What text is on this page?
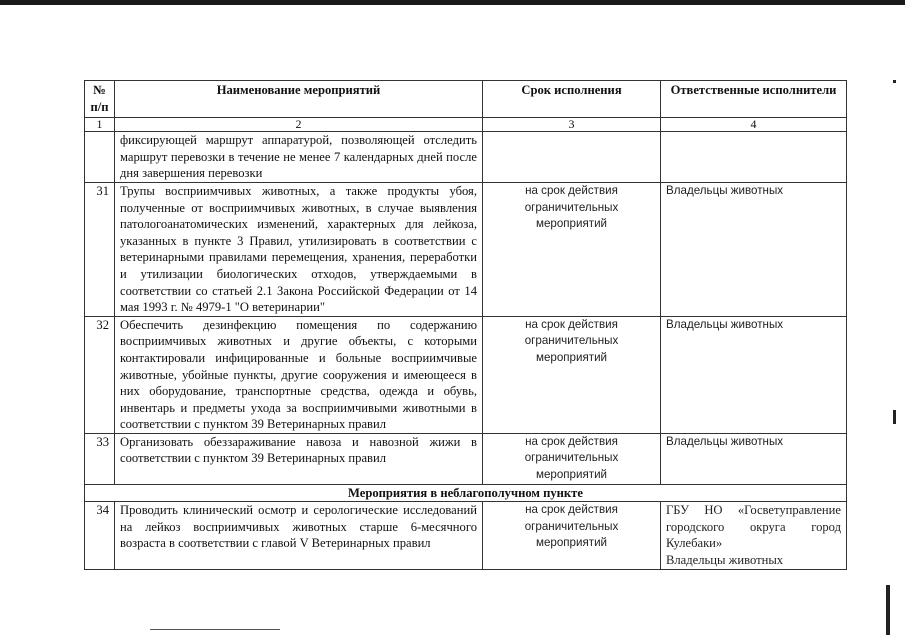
№ п/п	Наименование мероприятий	Срок исполнения	Ответственные исполнители
1	2	3	4
	фиксирующей маршрут аппаратурой, позволяющей отследить маршрут перевозки в течение не менее 7 календарных дней после дня завершения перевозки		
31	Трупы восприимчивых животных, а также продукты убоя, полученные от восприимчивых животных, в случае выявления патологоанатомических изменений, характерных для лейкоза, указанных в пункте 3 Правил, утилизировать в соответствии с ветеринарными правилами перемещения, хранения, переработки и утилизации биологических отходов, утверждаемыми в соответствии со статьей 2.1 Закона Российской Федерации от 14 мая 1993 г. № 4979-1 "О ветеринарии"	на срок действия ограничительных мероприятий	Владельцы животных
32	Обеспечить дезинфекцию помещения по содержанию восприимчивых животных и другие объекты, с которыми контактировали инфицированные и больные восприимчивые животные, убойные пункты, другие сооружения и имеющееся в них оборудование, транспортные средства, одежда и обувь, инвентарь и предметы ухода за восприимчивыми животными в соответствии с пунктом 39 Ветеринарных правил	на срок действия ограничительных мероприятий	Владельцы животных
33	Организовать обеззараживание навоза и навозной жижи в соответствии с пунктом 39 Ветеринарных правил	на срок действия ограничительных мероприятий	Владельцы животных
Мероприятия в неблагополучном пункте			
34	Проводить клинический осмотр и серологические исследований на лейкоз восприимчивых животных старше 6-месячного возраста в соответствии с главой V Ветеринарных правил	на срок действия ограничительных мероприятий	ГБУ НО «Госветуправление городского округа город Кулебаки»
Владельцы животных
